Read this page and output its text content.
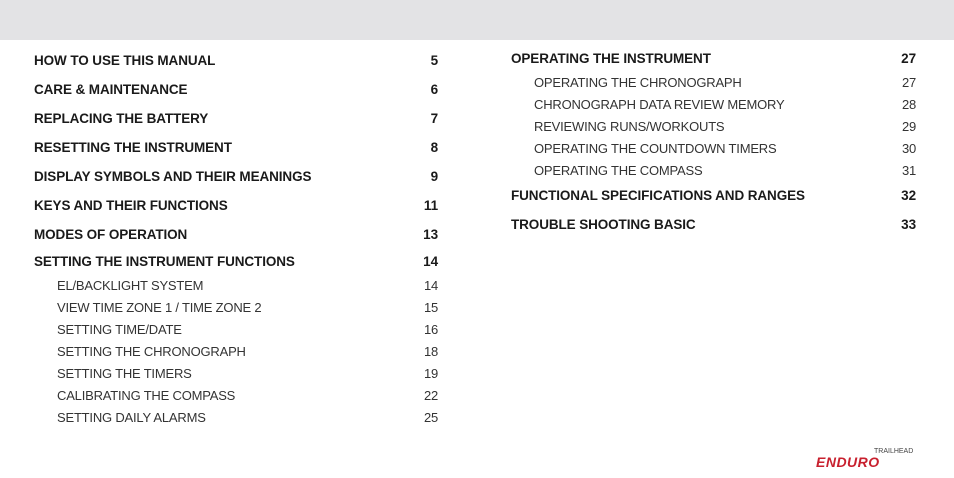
HOW TO USE THIS MANUAL	5
CARE & MAINTENANCE	6
REPLACING THE BATTERY	7
RESETTING THE INSTRUMENT	8
DISPLAY SYMBOLS AND THEIR MEANINGS	9
KEYS AND THEIR FUNCTIONS	11
MODES OF OPERATION	13
SETTING THE INSTRUMENT FUNCTIONS	14
EL/BACKLIGHT SYSTEM	14
VIEW TIME ZONE 1 / TIME ZONE 2	15
SETTING TIME/DATE	16
SETTING THE CHRONOGRAPH	18
SETTING THE TIMERS	19
CALIBRATING THE COMPASS	22
SETTING DAILY ALARMS	25
OPERATING THE INSTRUMENT	27
OPERATING THE CHRONOGRAPH	27
CHRONOGRAPH DATA REVIEW MEMORY	28
REVIEWING RUNS/WORKOUTS	29
OPERATING THE COUNTDOWN TIMERS	30
OPERATING THE COMPASS	31
FUNCTIONAL SPECIFICATIONS AND RANGES	32
TROUBLE SHOOTING BASIC	33
ENDURO
TRAILHEAD
